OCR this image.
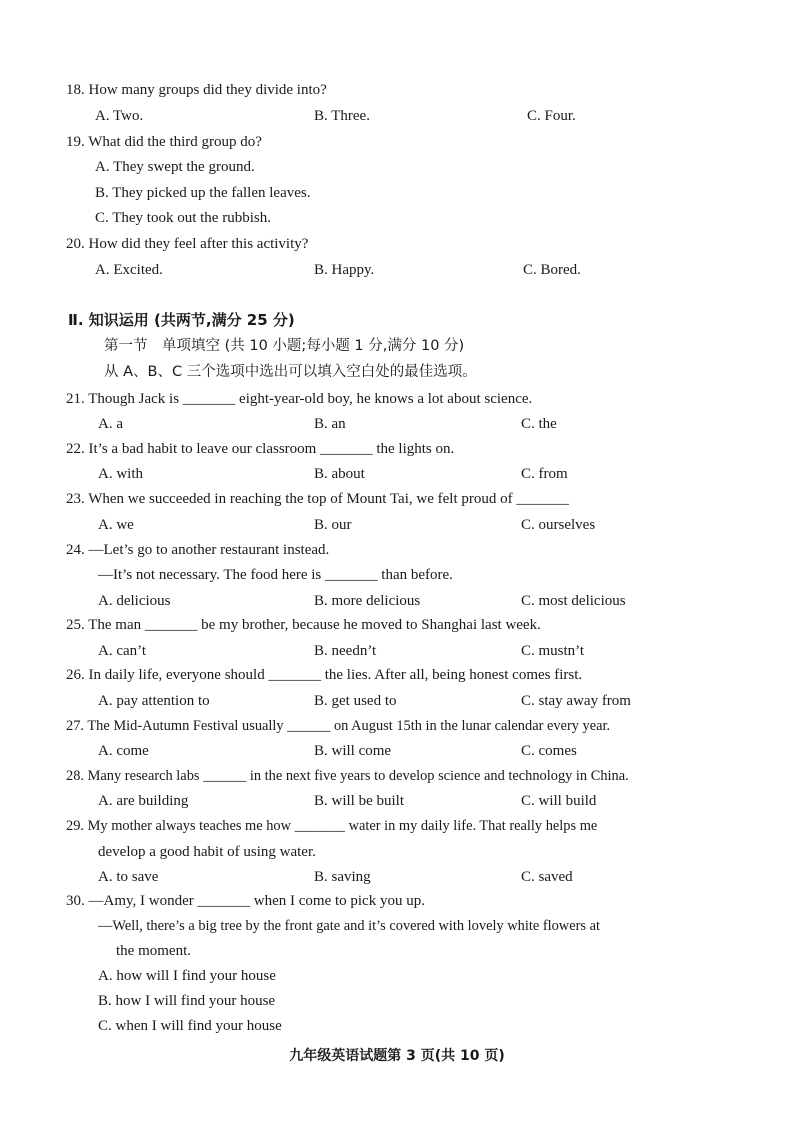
18. How many groups did they divide into?
A. Two.	B. Three.	C. Four.
19. What did the third group do?
A. They swept the ground.
B. They picked up the fallen leaves.
C. They took out the rubbish.
20. How did they feel after this activity?
A. Excited.	B. Happy.	C. Bored.
Ⅱ. 知识运用 (共两节,满分 25 分)
第一节　单项填空 (共 10 小题;每小题 1 分,满分 10 分)
从 A、B、C 三个选项中选出可以填入空白处的最佳选项。
21. Though Jack is _______ eight-year-old boy, he knows a lot about science.
A. a	B. an	C. the
22. It’s a bad habit to leave our classroom _______ the lights on.
A. with	B. about	C. from
23. When we succeeded in reaching the top of Mount Tai, we felt proud of _______
A. we	B. our	C. ourselves
24. —Let’s go to another restaurant instead.
—It’s not necessary. The food here is _______ than before.
A. delicious	B. more delicious	C. most delicious
25. The man _______ be my brother, because he moved to Shanghai last week.
A. can’t	B. needn’t	C. mustn’t
26. In daily life, everyone should _______ the lies. After all, being honest comes first.
A. pay attention to	B. get used to	C. stay away from
27. The Mid-Autumn Festival usually ______ on August 15th in the lunar calendar every year.
A. come	B. will come	C. comes
28. Many research labs ______ in the next five years to develop science and technology in China.
A. are building	B. will be built	C. will build
29. My mother always teaches me how _______ water in my daily life. That really helps me
develop a good habit of using water.
A. to save	B. saving	C. saved
30. —Amy, I wonder _______ when I come to pick you up.
—Well, there’s a big tree by the front gate and it’s covered with lovely white flowers at
the moment.
A. how will I find your house
B. how I will find your house
C. when I will find your house
九年级英语试题第 3 页(共 10 页)
